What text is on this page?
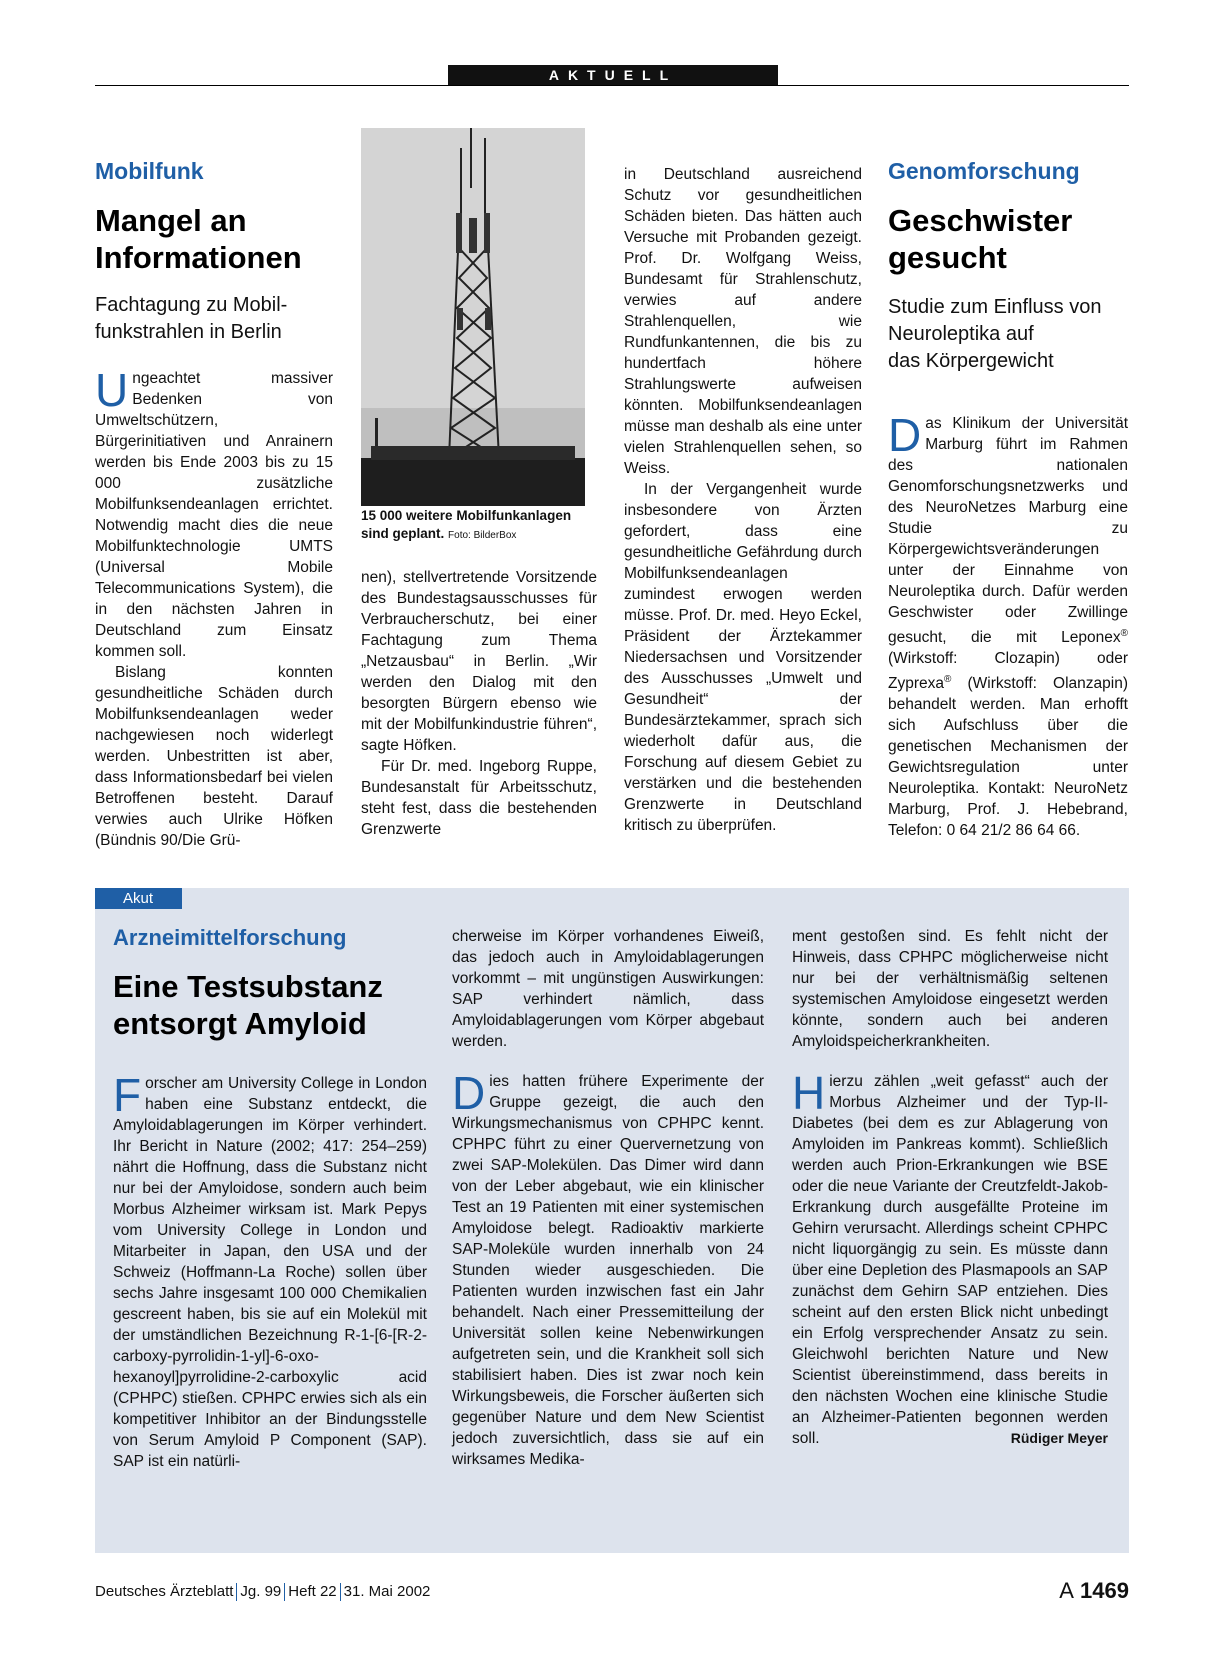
AKTUELL
Mobilfunk
Mangel an
Informationen
Fachtagung zu Mobil-
funkstrahlen in Berlin

Ungeachtet massiver Bedenken von Umweltschützern, Bürgerinitiativen und Anrainern werden bis Ende 2003 bis zu 15 000 zusätzliche Mobilfunksendeanlagen errichtet. Notwendig macht dies die neue Mobilfunktechnologie UMTS (Universal Mobile Telecommunications System), die in den nächsten Jahren in Deutschland zum Einsatz kommen soll.

Bislang konnten gesundheitliche Schäden durch Mobilfunksendeanlagen weder nachgewiesen noch widerlegt werden. Unbestritten ist aber, dass Informationsbedarf bei vielen Betroffenen besteht. Darauf verwies auch Ulrike Höfken (Bündnis 90/Die Grü-

15 000 weitere Mobilfunkanlagen sind geplant. Foto: BilderBox

nen), stellvertretende Vorsitzende des Bundestagsausschusses für Verbraucherschutz, bei einer Fachtagung zum Thema „Netzausbau“ in Berlin. „Wir werden den Dialog mit den besorgten Bürgern ebenso wie mit der Mobilfunkindustrie führen“, sagte Höfken.

Für Dr. med. Ingeborg Ruppe, Bundesanstalt für Arbeitsschutz, steht fest, dass die bestehenden Grenzwerte

in Deutschland ausreichend Schutz vor gesundheitlichen Schäden bieten. Das hätten auch Versuche mit Probanden gezeigt. Prof. Dr. Wolfgang Weiss, Bundesamt für Strahlenschutz, verwies auf andere Strahlenquellen, wie Rundfunkantennen, die bis zu hundertfach höhere Strahlungswerte aufweisen könnten. Mobilfunksendeanlagen müsse man deshalb als eine unter vielen Strahlenquellen sehen, so Weiss.

In der Vergangenheit wurde insbesondere von Ärzten gefordert, dass eine gesundheitliche Gefährdung durch Mobilfunksendeanlagen zumindest erwogen werden müsse. Prof. Dr. med. Heyo Eckel, Präsident der Ärztekammer Niedersachsen und Vorsitzender des Ausschusses „Umwelt und Gesundheit“ der Bundesärztekammer, sprach sich wiederholt dafür aus, die Forschung auf diesem Gebiet zu verstärken und die bestehenden Grenzwerte in Deutschland kritisch zu überprüfen.

Genomforschung
Geschwister
gesucht
Studie zum Einfluss von
Neuroleptika auf
das Körpergewicht

Das Klinikum der Universität Marburg führt im Rahmen des nationalen Genomforschungsnetzwerks und des NeuroNetzes Marburg eine Studie zu Körpergewichtsveränderungen unter der Einnahme von Neuroleptika durch. Dafür werden Geschwister oder Zwillinge gesucht, die mit Leponex® (Wirkstoff: Clozapin) oder Zyprexa® (Wirkstoff: Olanzapin) behandelt werden. Man erhofft sich Aufschluss über die genetischen Mechanismen der Gewichtsregulation unter Neuroleptika. Kontakt: NeuroNetz Marburg, Prof. J. Hebebrand, Telefon: 0 64 21/2 86 64 66.

Akut
Arzneimittelforschung
Eine Testsubstanz
entsorgt Amyloid

Forscher am University College in London haben eine Substanz entdeckt, die Amyloidablagerungen im Körper verhindert. Ihr Bericht in Nature (2002; 417: 254–259) nährt die Hoffnung, dass die Substanz nicht nur bei der Amyloidose, sondern auch beim Morbus Alzheimer wirksam ist. Mark Pepys vom University College in London und Mitarbeiter in Japan, den USA und der Schweiz (Hoffmann-La Roche) sollen über sechs Jahre insgesamt 100 000 Chemikalien gescreent haben, bis sie auf ein Molekül mit der umständlichen Bezeichnung R-1-[6-[R-2-carboxy-pyrrolidin-1-yl]-6-oxo-hexanoyl]pyrrolidine-2-carboxylic acid (CPHPC) stießen. CPHPC erwies sich als ein kompetitiver Inhibitor an der Bindungsstelle von Serum Amyloid P Component (SAP). SAP ist ein natürli-

cherweise im Körper vorhandenes Eiweiß, das jedoch auch in Amyloidablagerungen vorkommt – mit ungünstigen Auswirkungen: SAP verhindert nämlich, dass Amyloidablagerungen vom Körper abgebaut werden.

Dies hatten frühere Experimente der Gruppe gezeigt, die auch den Wirkungsmechanismus von CPHPC kennt. CPHPC führt zu einer Quervernetzung von zwei SAP-Molekülen. Das Dimer wird dann von der Leber abgebaut, wie ein klinischer Test an 19 Patienten mit einer systemischen Amyloidose belegt. Radioaktiv markierte SAP-Moleküle wurden innerhalb von 24 Stunden wieder ausgeschieden. Die Patienten wurden inzwischen fast ein Jahr behandelt. Nach einer Pressemitteilung der Universität sollen keine Nebenwirkungen aufgetreten sein, und die Krankheit soll sich stabilisiert haben. Dies ist zwar noch kein Wirkungsbeweis, die Forscher äußerten sich gegenüber Nature und dem New Scientist jedoch zuversichtlich, dass sie auf ein wirksames Medika-

ment gestoßen sind. Es fehlt nicht der Hinweis, dass CPHPC möglicherweise nicht nur bei der verhältnismäßig seltenen systemischen Amyloidose eingesetzt werden könnte, sondern auch bei anderen Amyloidspeicherkrankheiten.

Hierzu zählen „weit gefasst“ auch der Morbus Alzheimer und der Typ-II-Diabetes (bei dem es zur Ablagerung von Amyloiden im Pankreas kommt). Schließlich werden auch Prion-Erkrankungen wie BSE oder die neue Variante der Creutzfeldt-Jakob-Erkrankung durch ausgefällte Proteine im Gehirn verursacht. Allerdings scheint CPHPC nicht liquorgängig zu sein. Es müsste dann über eine Depletion des Plasmapools an SAP zunächst dem Gehirn SAP entziehen. Dies scheint auf den ersten Blick nicht unbedingt ein Erfolg versprechender Ansatz zu sein. Gleichwohl berichten Nature und New Scientist übereinstimmend, dass bereits in den nächsten Wochen eine klinische Studie an Alzheimer-Patienten begonnen werden soll.	Rüdiger Meyer

Deutsches Ärzteblatt Jg. 99 Heft 22 31. Mai 2002	A 1469
